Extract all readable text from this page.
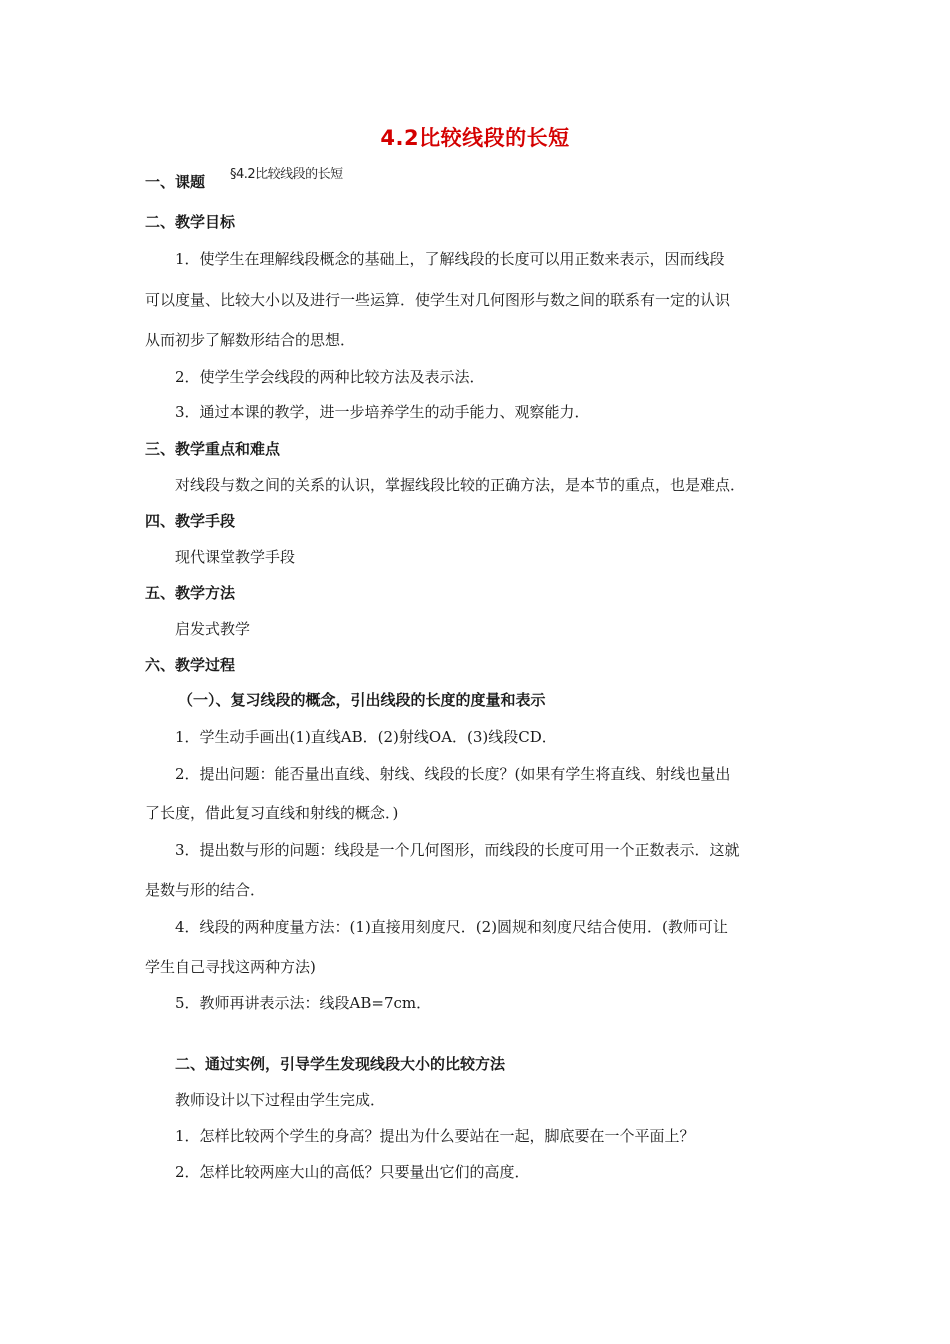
4.2比较线段的长短
一、课题 §4.2比较线段的长短
二、教学目标
1．使学生在理解线段概念的基础上，了解线段的长度可以用正数来表示，因而线段
可以度量、比较大小以及进行一些运算．使学生对几何图形与数之间的联系有一定的认识
从而初步了解数形结合的思想．
2．使学生学会线段的两种比较方法及表示法．
3．通过本课的教学，进一步培养学生的动手能力、观察能力．
三、教学重点和难点
对线段与数之间的关系的认识，掌握线段比较的正确方法，是本节的重点，也是难点．
四、教学手段
现代课堂教学手段
五、教学方法
启发式教学
六、教学过程
（一）、复习线段的概念，引出线段的长度的度量和表示
1．学生动手画出(1)直线AB．(2)射线OA．(3)线段CD．
2．提出问题：能否量出直线、射线、线段的长度？(如果有学生将直线、射线也量出
了长度，借此复习直线和射线的概念．)
3．提出数与形的问题：线段是一个几何图形，而线段的长度可用一个正数表示．这就
是数与形的结合．
4．线段的两种度量方法：(1)直接用刻度尺．(2)圆规和刻度尺结合使用．(教师可让
学生自己寻找这两种方法)
5．教师再讲表示法：线段AB=7cm．
二、通过实例，引导学生发现线段大小的比较方法
教师设计以下过程由学生完成．
1．怎样比较两个学生的身高？提出为什么要站在一起，脚底要在一个平面上？
2．怎样比较两座大山的高低？只要量出它们的高度．
